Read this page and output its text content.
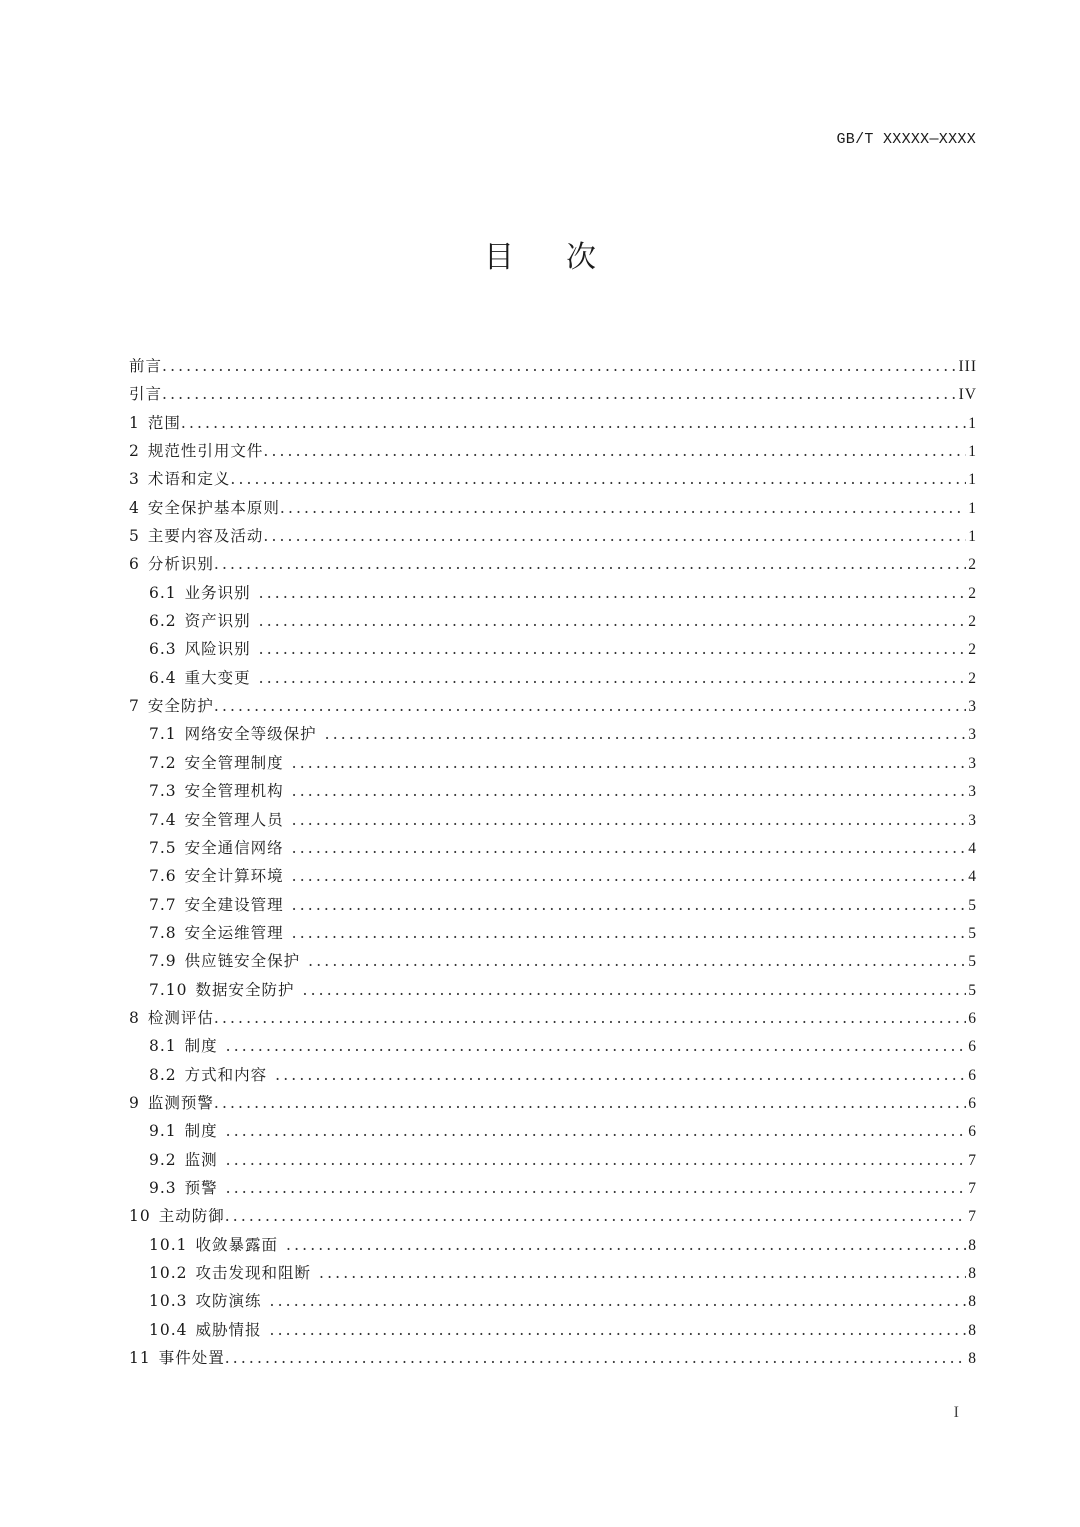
GB/T XXXXX—XXXX
目次
前言 . . .	III
引言 . . .	IV
1 范围 . . .	1
2 规范性引用文件 . . .	1
3 术语和定义 . . .	1
4 安全保护基本原则 . . .	1
5 主要内容及活动 . . .	1
6 分析识别 . . .	2
6.1 业务识别 . . .	2
6.2 资产识别 . . .	2
6.3 风险识别 . . .	2
6.4 重大变更 . . .	2
7 安全防护 . . .	3
7.1 网络安全等级保护 . . .	3
7.2 安全管理制度 . . .	3
7.3 安全管理机构 . . .	3
7.4 安全管理人员 . . .	3
7.5 安全通信网络 . . .	4
7.6 安全计算环境 . . .	4
7.7 安全建设管理 . . .	5
7.8 安全运维管理 . . .	5
7.9 供应链安全保护 . . .	5
7.10 数据安全防护 . . .	5
8 检测评估 . . .	6
8.1 制度 . . .	6
8.2 方式和内容 . . .	6
9 监测预警 . . .	6
9.1 制度 . . .	6
9.2 监测 . . .	7
9.3 预警 . . .	7
10 主动防御 . . .	7
10.1 收敛暴露面 . . .	8
10.2 攻击发现和阻断 . . .	8
10.3 攻防演练 . . .	8
10.4 威胁情报 . . .	8
11 事件处置 . . .	8
I
